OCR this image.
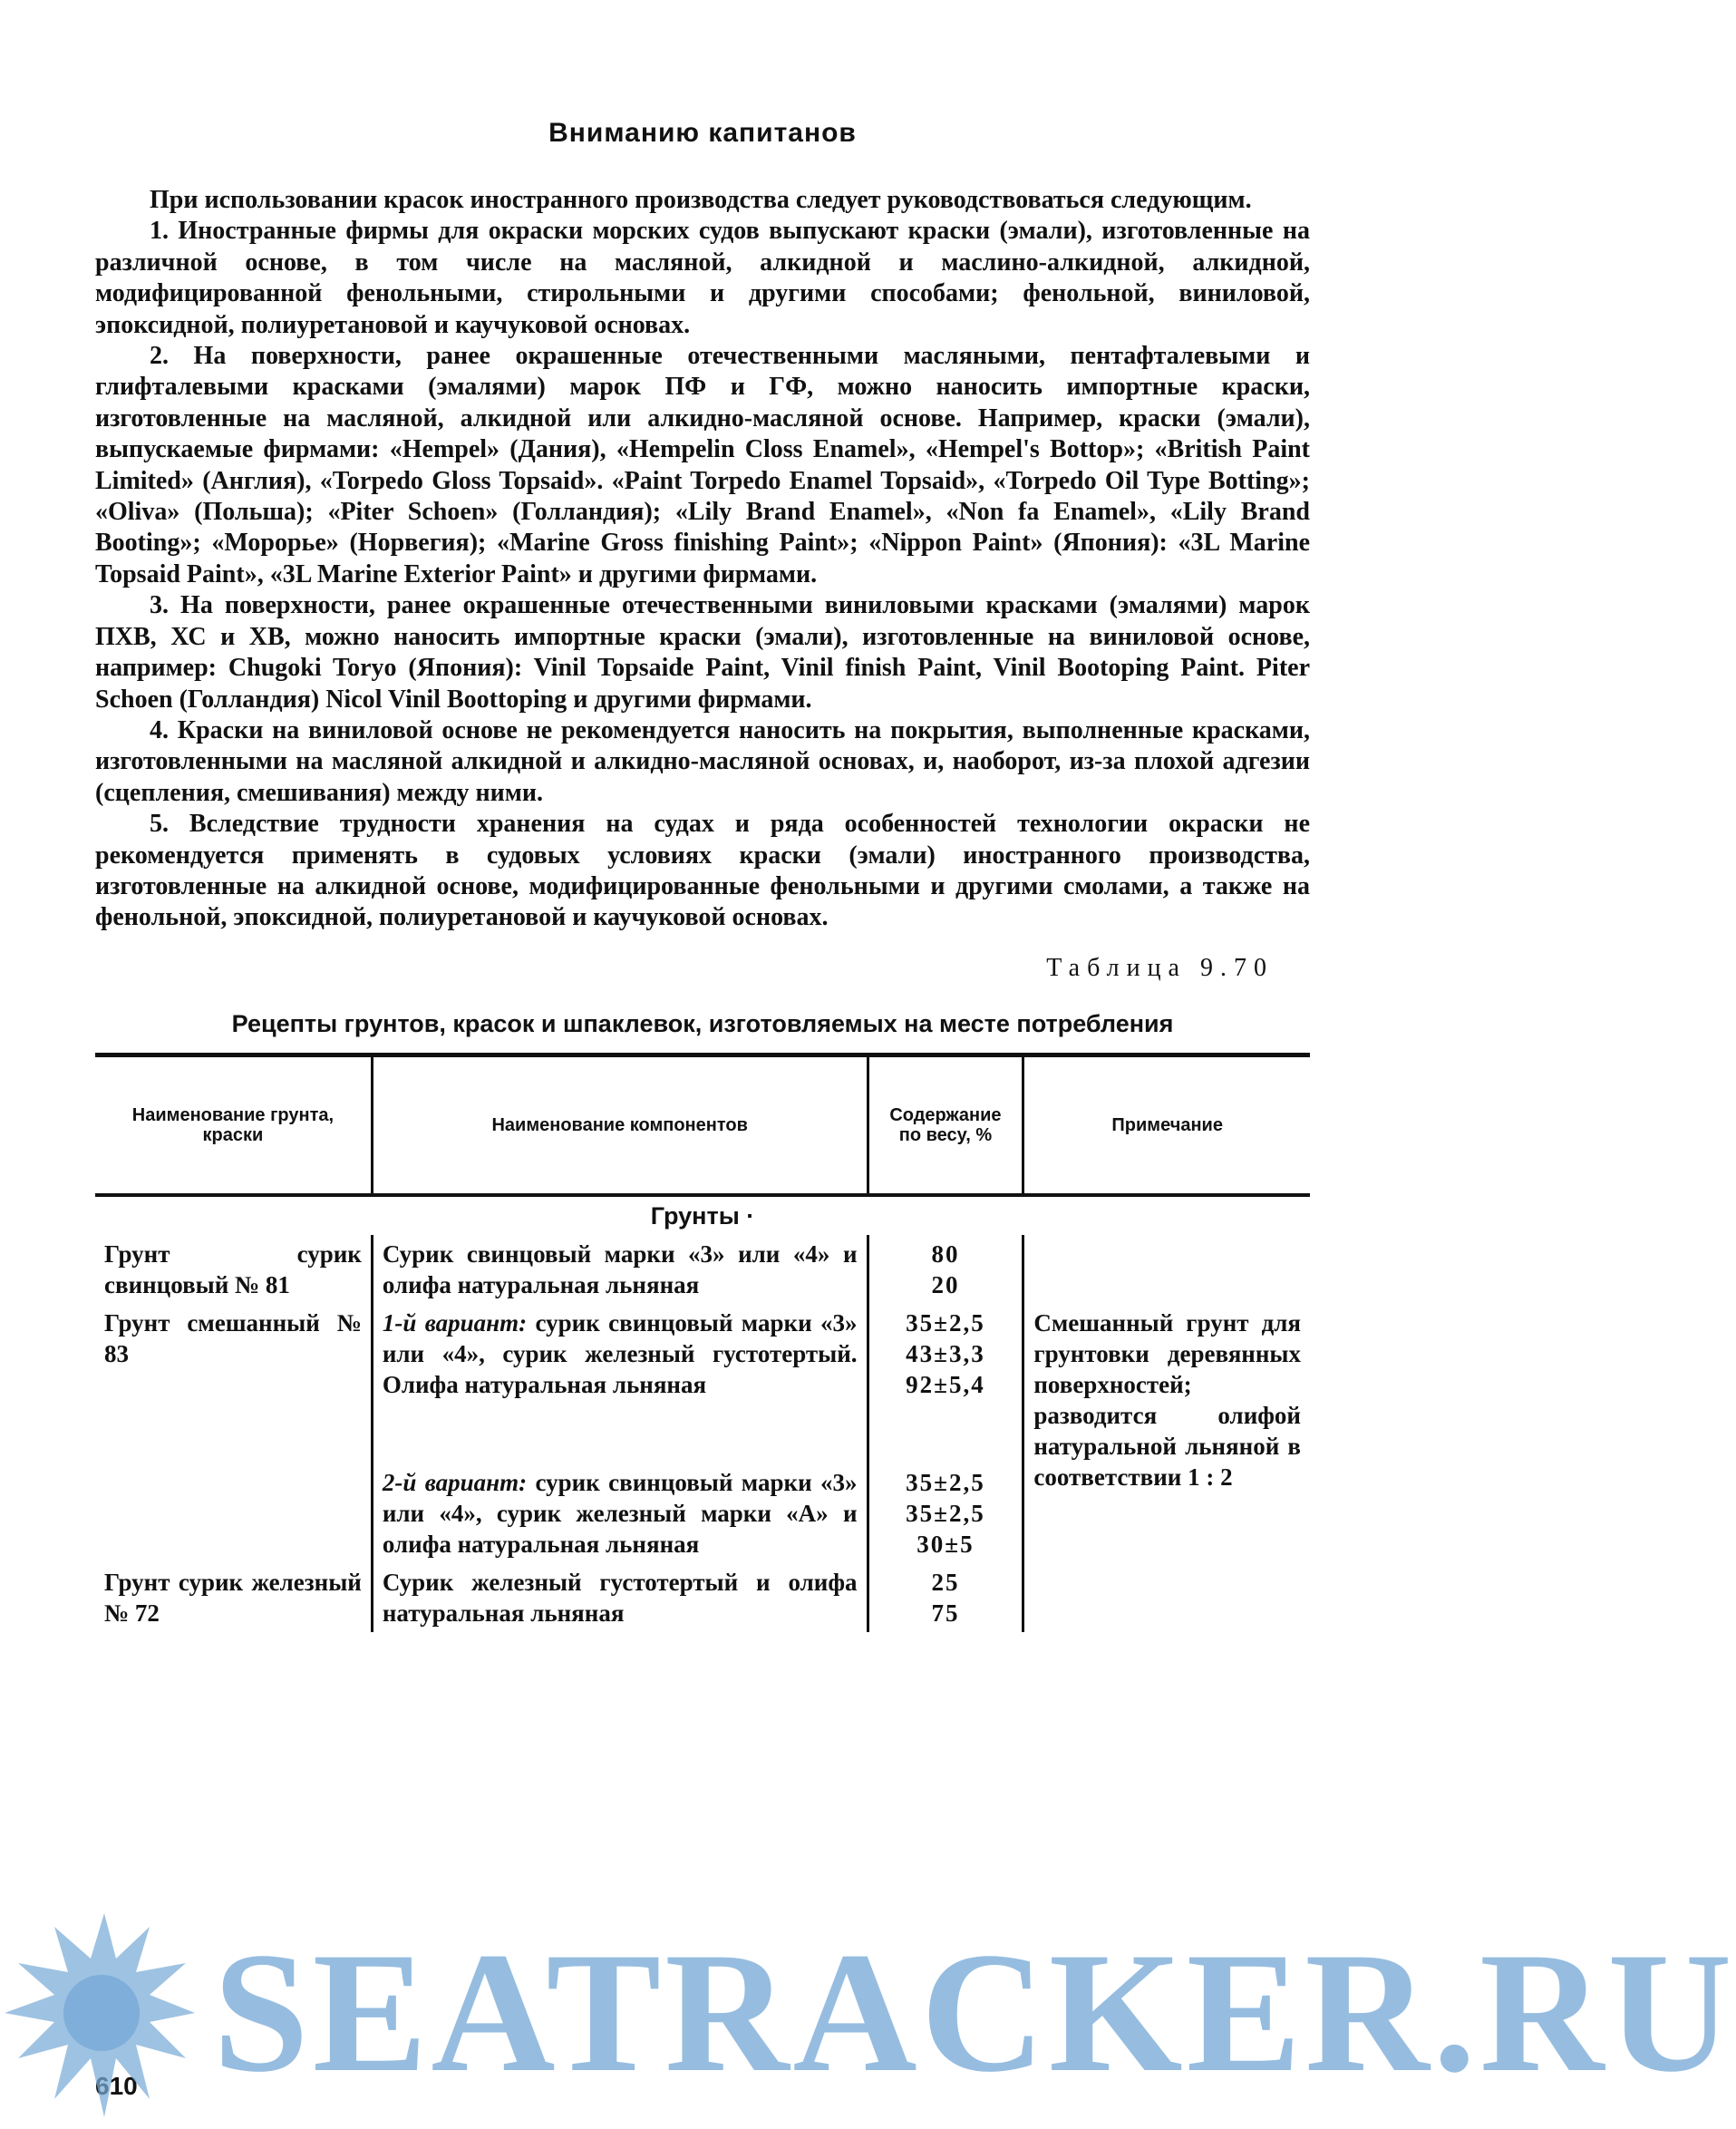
Вниманию капитанов

При использовании красок иностранного производства следует руководствоваться следующим.

1. Иностранные фирмы для окраски морских судов выпускают краски (эмали), изготовленные на различной основе, в том числе на масляной, алкидной и маслино-алкидной, алкидной, модифицированной фенольными, стирольными и другими способами; фенольной, виниловой, эпоксидной, полиуретановой и каучуковой основах.

2. На поверхности, ранее окрашенные отечественными масляными, пентафталевыми и глифталевыми красками (эмалями) марок ПФ и ГФ, можно наносить импортные краски, изготовленные на масляной, алкидной или алкидно-масляной основе. Например, краски (эмали), выпускаемые фирмами: «Hempel» (Дания), «Hempelin Closs Enamel», «Hempel's Bottop»; «British Paint Limited» (Англия), «Torpedo Gloss Topsaid». «Paint Torpedo Enamel Topsaid», «Torpedo Oil Type Botting»; «Oliva» (Польша); «Piter Schoen» (Голландия); «Lily Brand Enamel», «Non fa Enamel», «Lily Brand Booting»; «Морорье» (Норвегия); «Marine Gross finishing Paint»; «Nippon Paint» (Япония): «3L Marine Topsaid Paint», «3L Marine Exterior Paint» и другими фирмами.

3. На поверхности, ранее окрашенные отечественными виниловыми красками (эмалями) марок ПХВ, ХС и ХВ, можно наносить импортные краски (эмали), изготовленные на виниловой основе, например: Chugoki Toryo (Япония): Vinil Topsaide Paint, Vinil finish Paint, Vinil Bootoping Paint. Piter Schoen (Голландия) Nicol Vinil Boottoping и другими фирмами.

4. Краски на виниловой основе не рекомендуется наносить на покрытия, выполненные красками, изготовленными на масляной алкидной и алкидно-масляной основах, и, наоборот, из-за плохой адгезии (сцепления, смешивания) между ними.

5. Вследствие трудности хранения на судах и ряда особенностей технологии окраски не рекомендуется применять в судовых условиях краски (эмали) иностранного производства, изготовленные на алкидной основе, модифицированные фенольными и другими смолами, а также на фенольной, эпоксидной, полиуретановой и каучуковой основах.

Таблица 9.70
Рецепты грунтов, красок и шпаклевок, изготовляемых на месте потребления
Наименование грунта, краски	Наименование компонентов	Содержание по весу, %	Примечание
Грунты ·			
Грунт сурик свинцовый № 81	Сурик свинцовый марки «3» или «4» и олифа натуральная льняная	80
20	

Грунт смешанный № 83	1-й вариант: сурик свинцовый марки «3» или «4», сурик железный густотертый. Олифа натуральная льняная	35±2,5
43±3,3
92±5,4	Смешанный грунт для грунтовки деревянных поверхностей; разводится олифой натуральной льняной в соответствии 1 : 2
	2-й вариант: сурик свинцовый марки «3» или «4», сурик железный марки «А» и олифа натуральная льняная	35±2,5
35±2,5
30±5	

Грунт сурик железный № 72	Сурик железный густотертый и олифа натуральная льняная	25
75	

610 SEATRACKER.RU
